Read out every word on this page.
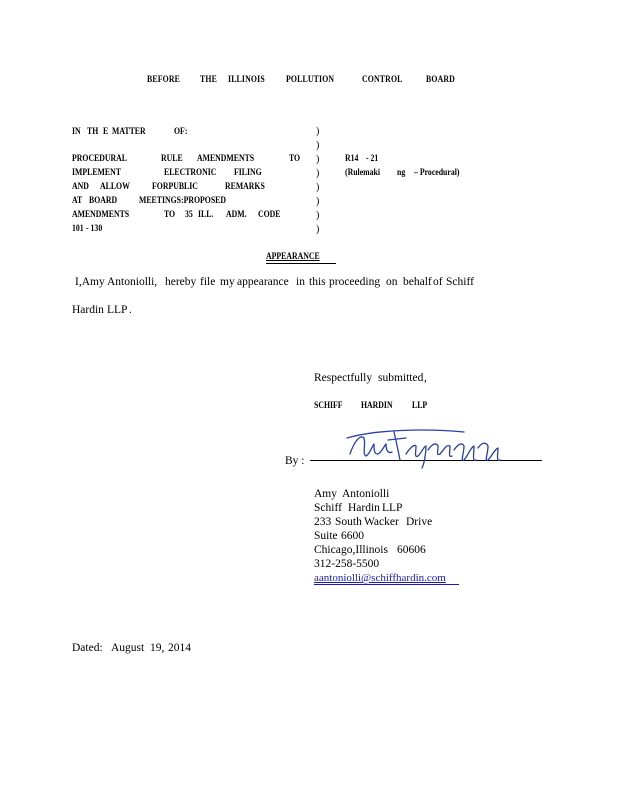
BEFORE THE ILLINOIS POLLUTION	CONTROL BOARD
IN TH E MATTER	OF:
PROCEDURAL	RULE AMENDMENTS	TO
IMPLEMENT	ELECTRONIC FILING
AND ALLOW FORPUBLIC	REMARKS
AT BOARD MEETINGS:PROPOSED
AMENDMENTS	TO 35 ILL. ADM. CODE
101 - 130
)
)
)
)
)
)
)
)
R14 - 21
(Rulemaki ng – Procedural)
APPEARANCE
I,Amy Antoniolli, hereby file my appearance in this proceeding on behalf of Schiff
Hardin LLP .
Respectfully submitted ,
SCHIFF HARDIN LLP
By :
Amy Antoniolli
Schiff Hardin LLP
233 South Wacker Drive
Suite 6600
Chica go,Illinois 60606
312-258-5500
aantoniolli@schiffhardin.com
Dated: August 19, 2014
